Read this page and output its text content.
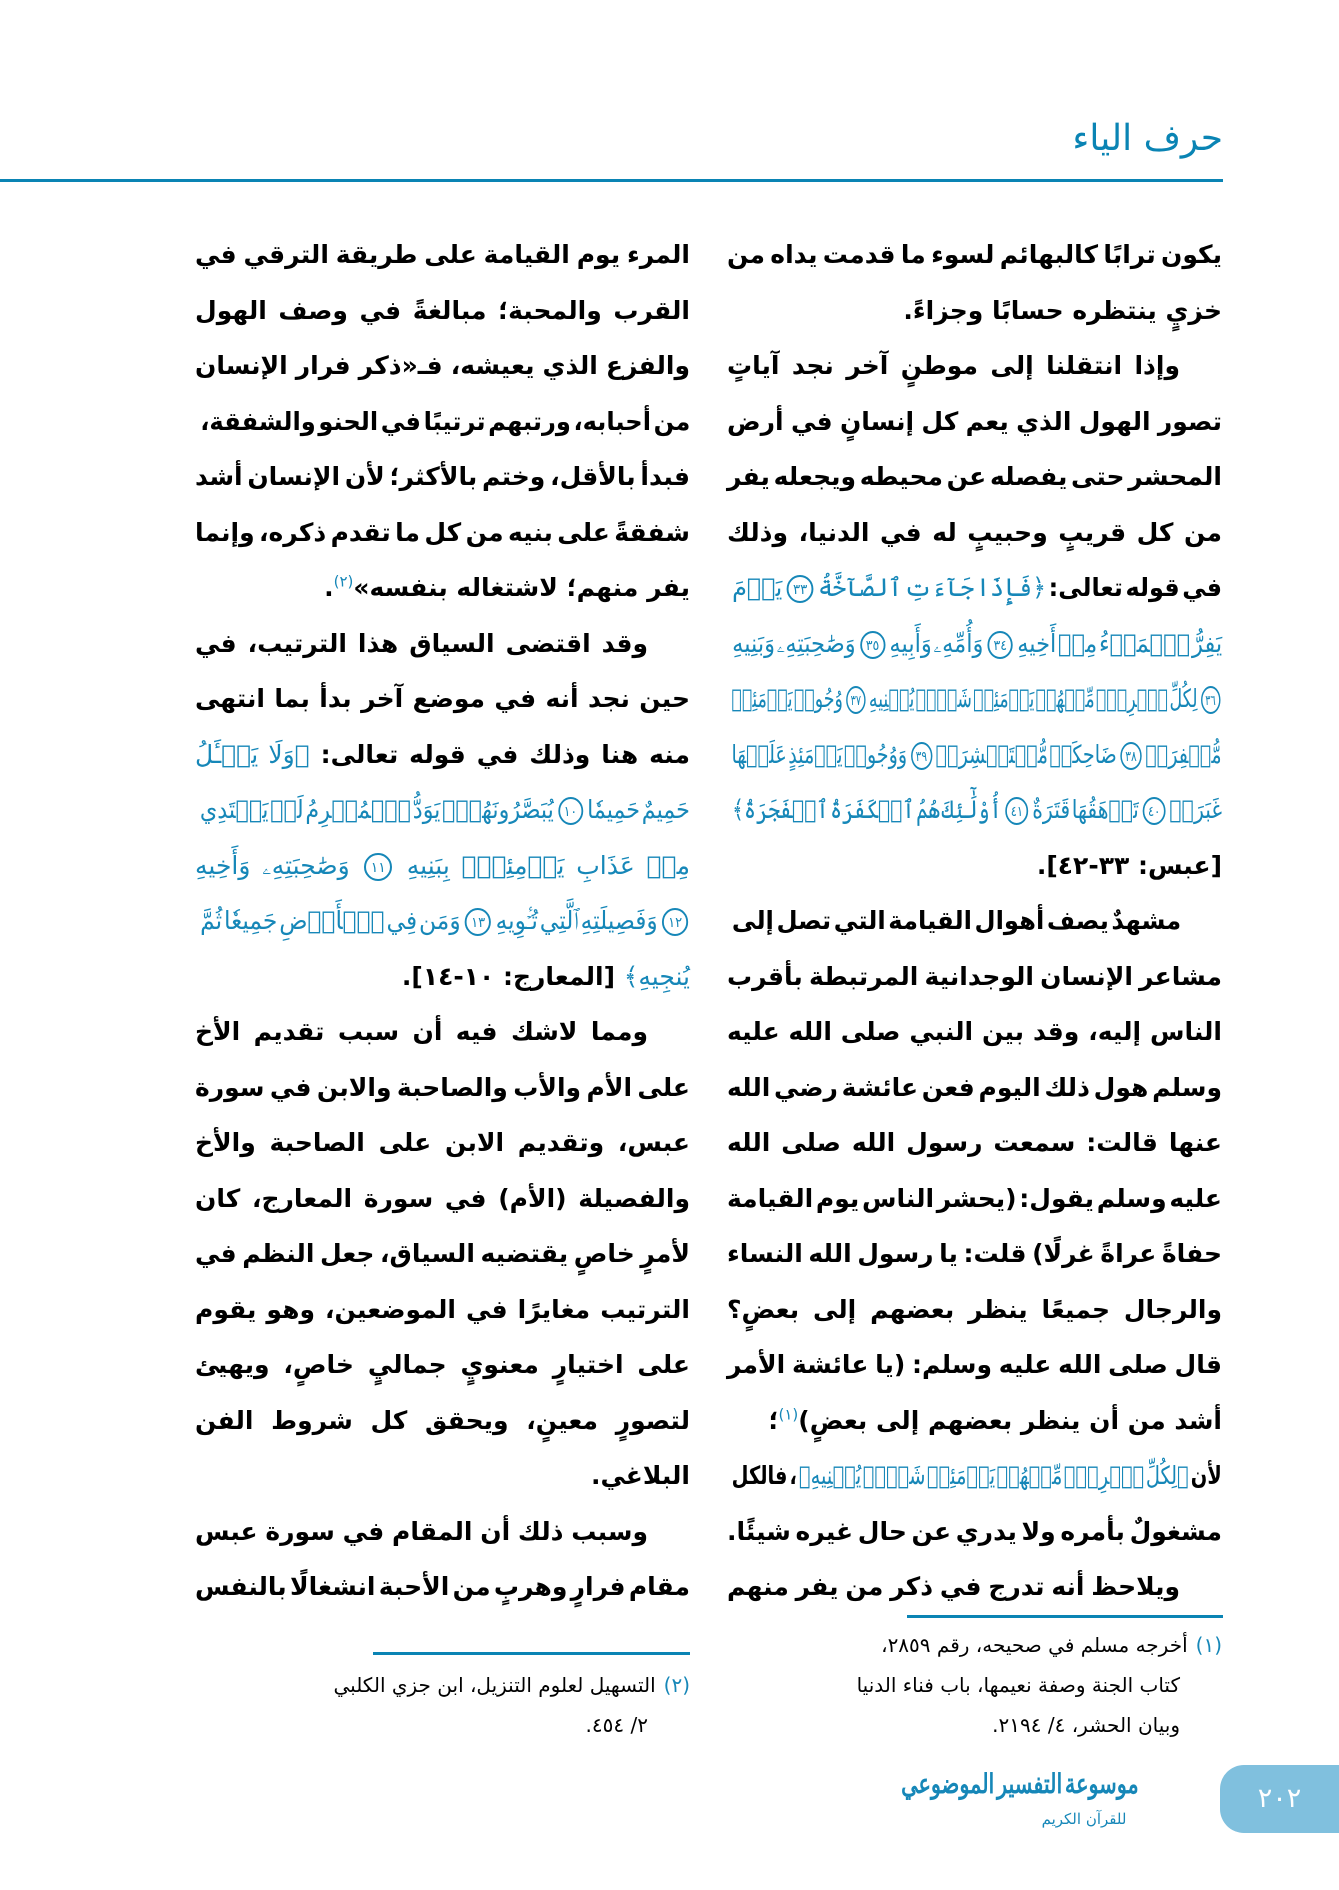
حرف الياء
يكون ترابًا كالبهائم لسوء ما قدمت يداه من
خزيٍ ينتظره حسابًا وجزاءً.
وإذا انتقلنا إلى موطنٍ آخر نجد آياتٍ
تصور الهول الذي يعم كل إنسانٍ في أرض
المحشر حتى يفصله عن محيطه ويجعله يفر
من كل قريبٍ وحبيبٍ له في الدنيا، وذلك
في قوله تعالى: ﴿فَإِذَا جَآءَتِ ٱلصَّآخَّةُ ٣٣ يَوۡمَ
يَفِرُّ ٱلۡمَرۡءُ مِنۡ أَخِيهِ ٣٤ وَأُمِّهِۦ وَأَبِيهِ ٣٥ وَصَٰحِبَتِهِۦ وَبَنِيهِ
٣٦ لِكُلِّ ٱمۡرِيٕٖ مِّنۡهُمۡ يَوۡمَئِذٖ شَأۡنٞ يُغۡنِيهِ ٣٧ وُجُوهٞ يَوۡمَئِذٖ
مُّسۡفِرَةٞ ٣٨ ضَاحِكَةٞ مُّسۡتَبۡشِرَةٞ ٣٩ وَوُجُوهٞ يَوۡمَئِذٍ عَلَيۡهَا
غَبَرَةٞ ٤٠ تَرۡهَقُهَا قَتَرَةٌ ٤١ أُوْلَٰٓئِكَ هُمُ ٱلۡكَفَرَةُ ٱلۡفَجَرَةُ﴾
[عبس: ٣٣-٤٢].
مشهدٌ يصف أهوال القيامة التي تصل إلى
مشاعر الإنسان الوجدانية المرتبطة بأقرب
الناس إليه، وقد بين النبي صلى الله عليه
وسلم هول ذلك اليوم فعن عائشة رضي الله
عنها قالت: سمعت رسول الله صلى الله
عليه وسلم يقول: (يحشر الناس يوم القيامة
حفاةً عراةً غرلًا) قلت: يا رسول الله النساء
والرجال جميعًا ينظر بعضهم إلى بعضٍ؟
قال صلى الله عليه وسلم: (يا عائشة الأمر
أشد من أن ينظر بعضهم إلى بعضٍ)$^{(١)}$؛
لأن ﴿لِكُلِّ ٱمۡرِيٕٖ مِّنۡهُمۡ يَوۡمَئِذٖ شَأۡنٞ يُغۡنِيهِ﴾ ، فالكل
مشغولٌ بأمره ولا يدري عن حال غيره شيئًا.
ويلاحظ أنه تدرج في ذكر من يفر منهم
المرء يوم القيامة على طريقة الترقي في
القرب والمحبة؛ مبالغةً في وصف الهول
والفزع الذي يعيشه، فـ«ذكر فرار الإنسان
من أحبابه، ورتبهم ترتيبًا في الحنو والشفقة،
فبدأ بالأقل، وختم بالأكثر؛ لأن الإنسان أشد
شفقةً على بنيه من كل ما تقدم ذكره، وإنما
يفر منهم؛ لاشتغاله بنفسه»$^{(٢)}$.
وقد اقتضى السياق هذا الترتيب، في
حين نجد أنه في موضع آخر بدأ بما انتهى
منه هنا وذلك في قوله تعالى: ﴿وَلَا يَسۡـَٔلُ
حَمِيمٌ حَمِيمٗا ١٠ يُبَصَّرُونَهُمۡۚ يَوَدُّ ٱلۡمُجۡرِمُ لَوۡ يَفۡتَدِي
مِنۡ عَذَابِ يَوۡمِئِذِۭ بِبَنِيهِ ١١ وَصَٰحِبَتِهِۦ وَأَخِيهِ
١٢ وَفَصِيلَتِهِ ٱلَّتِي تُـٔۡوِيهِ ١٣ وَمَن فِي ٱلۡأَرۡضِ جَمِيعٗا ثُمَّ
يُنجِيهِ﴾ [المعارج: ١٠-١٤].
ومما لاشك فيه أن سبب تقديم الأخ
على الأم والأب والصاحبة والابن في سورة
عبس، وتقديم الابن على الصاحبة والأخ
والفصيلة (الأم) في سورة المعارج، كان
لأمرٍ خاصٍ يقتضيه السياق، جعل النظم في
الترتيب مغايرًا في الموضعين، وهو يقوم
على اختيارٍ معنويٍ جماليٍ خاصٍ، ويهيئ
لتصورٍ معينٍ، ويحقق كل شروط الفن
البلاغي.
وسبب ذلك أن المقام في سورة عبس
مقام فرارٍ وهربٍ من الأحبة انشغالًا بالنفس
(١)أخرجه مسلم في صحيحه، رقم ٢٨٥٩،
كتاب الجنة وصفة نعيمها، باب فناء الدنيا
وبيان الحشر، ٤/ ٢١٩٤.
(٢)التسهيل لعلوم التنزيل، ابن جزي الكلبي
٢/ ٤٥٤.
موسوعة التفسير الموضوعي
للقرآن الكريم
٢٠٢
